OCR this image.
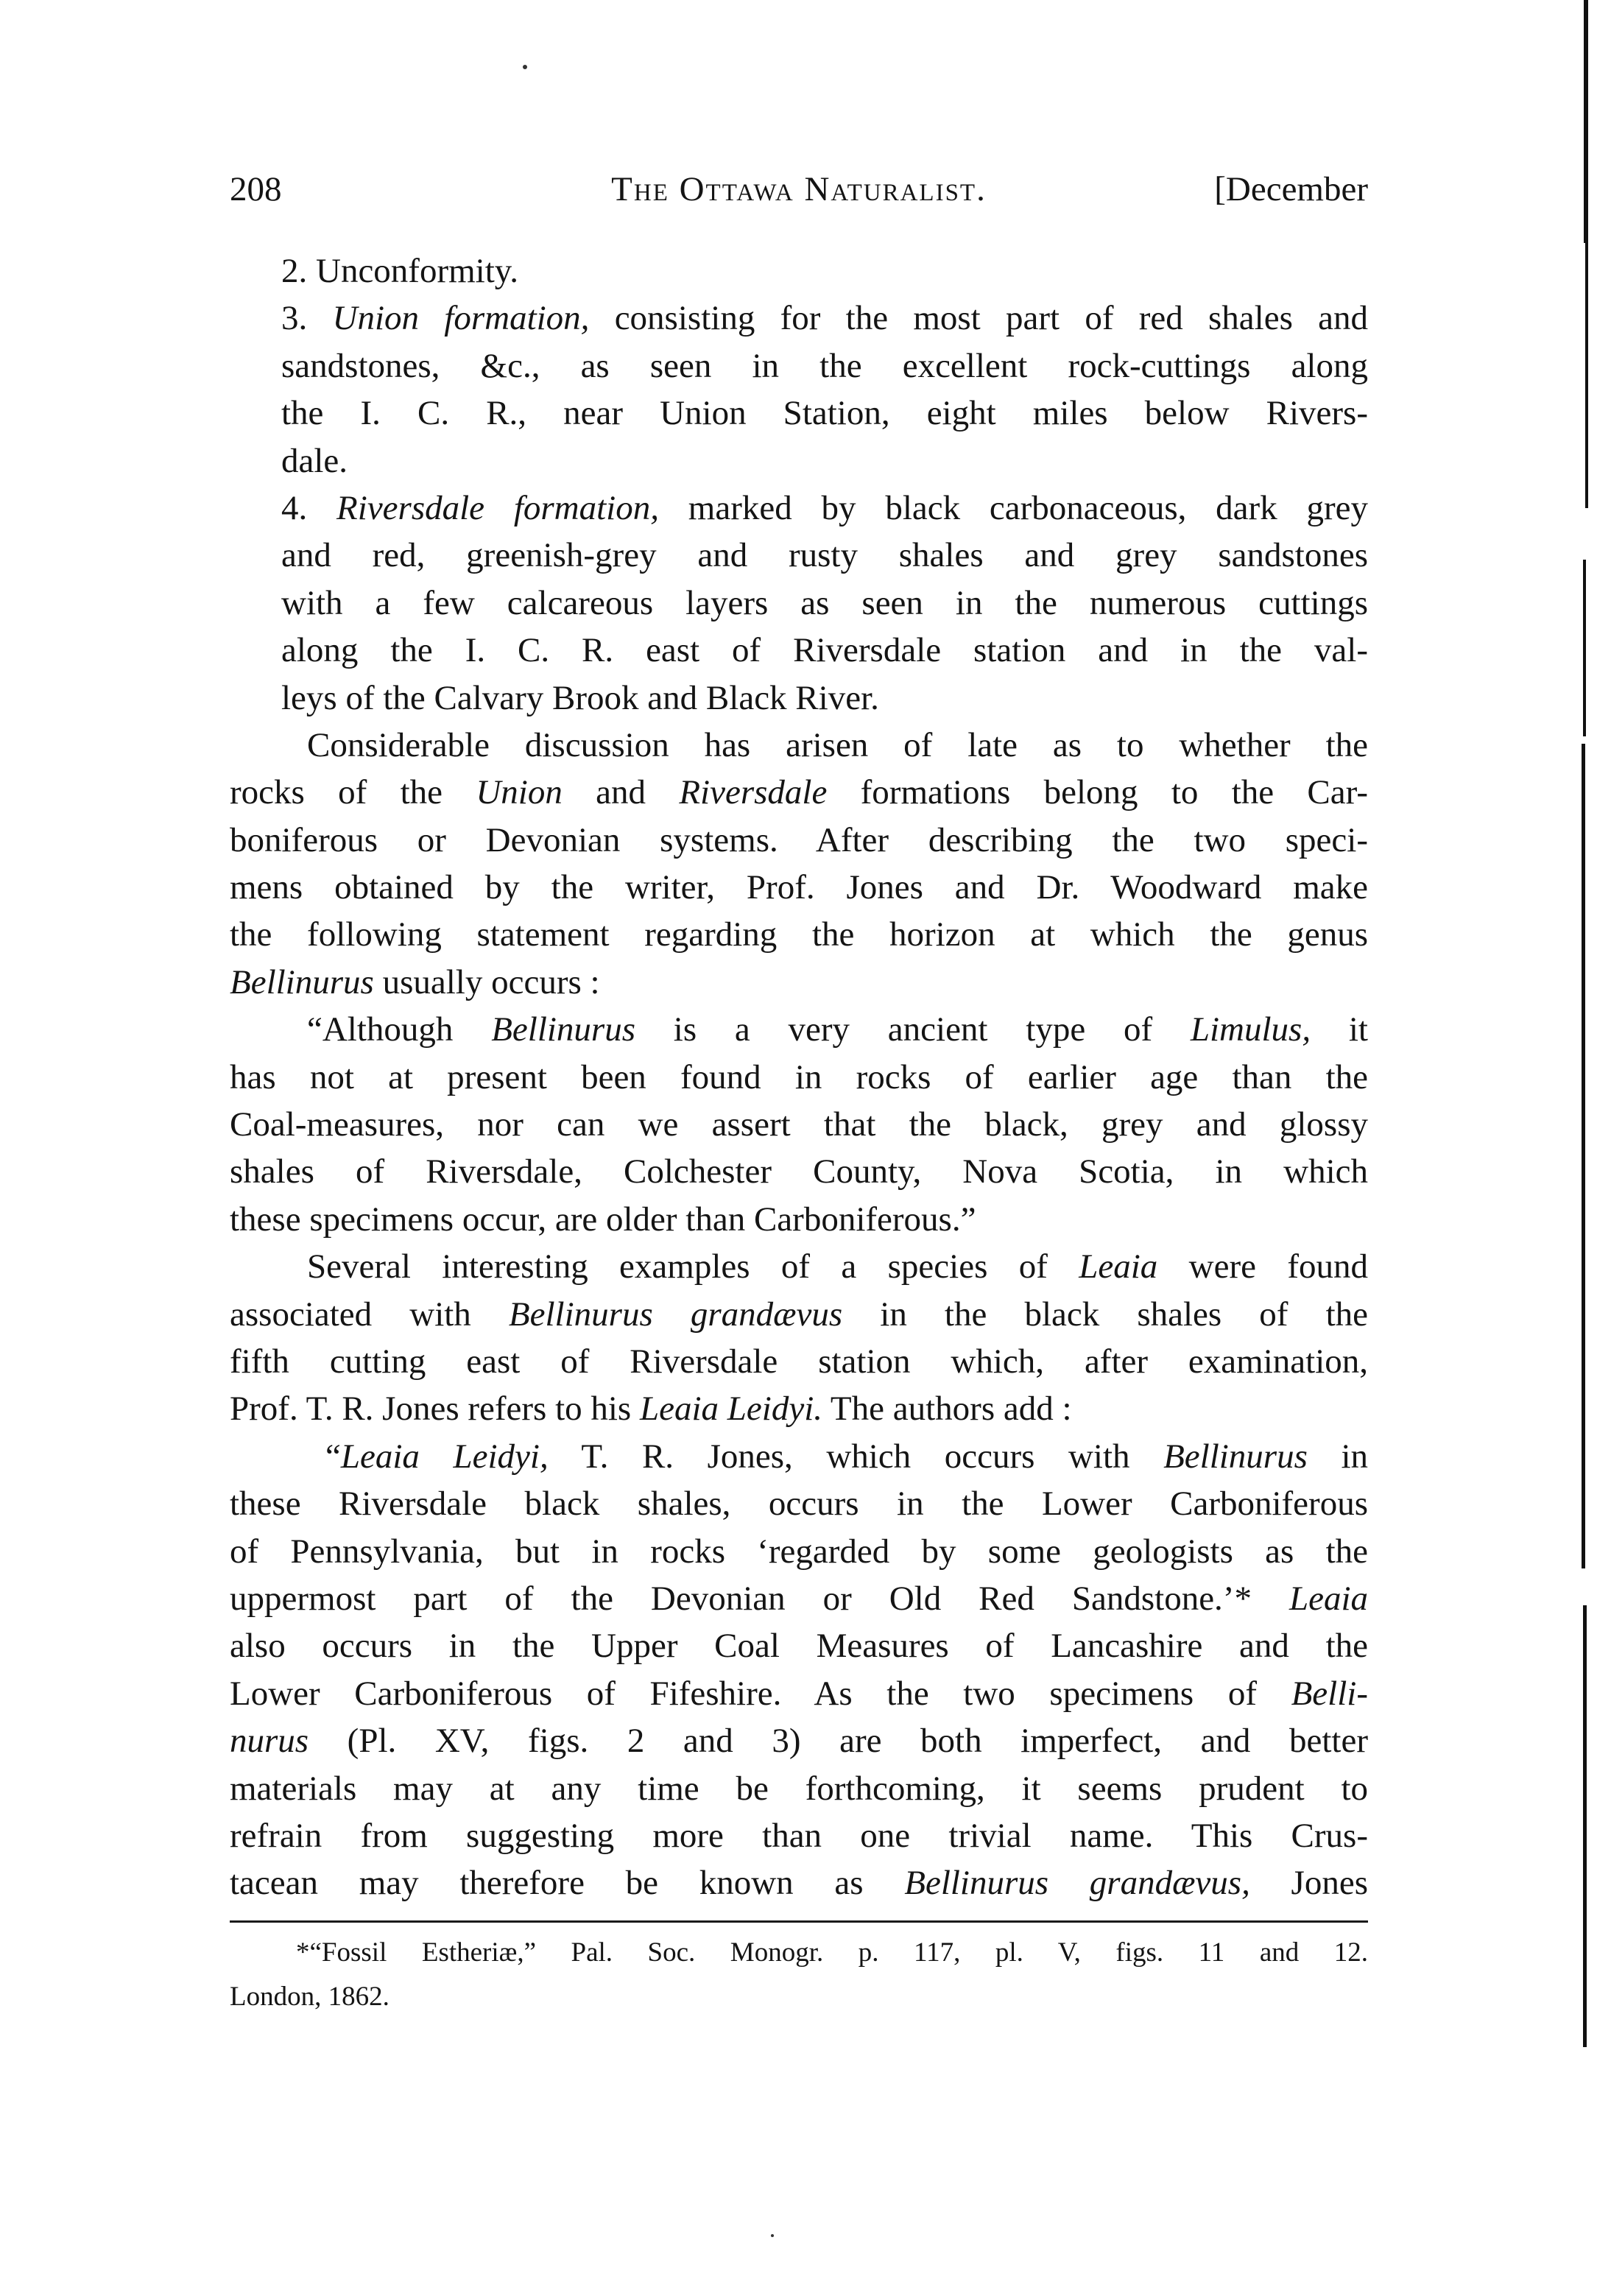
208	The Ottawa Naturalist.	[December
2. Unconformity.
3. Union formation, consisting for the most part of red shales and
sandstones, &c., as seen in the excellent rock-cuttings along
the I. C. R., near Union Station, eight miles below Rivers-
dale.
4. Riversdale formation, marked by black carbonaceous, dark grey
and red, greenish-grey and rusty shales and grey sandstones
with a few calcareous layers as seen in the numerous cuttings
along the I. C. R. east of Riversdale station and in the val-
leys of the Calvary Brook and Black River.
Considerable discussion has arisen of late as to whether the
rocks of the Union and Riversdale formations belong to the Car-
boniferous or Devonian systems. After describing the two speci-
mens obtained by the writer, Prof. Jones and Dr. Woodward make
the following statement regarding the horizon at which the genus
Bellinurus usually occurs :
“Although Bellinurus is a very ancient type of Limulus, it
has not at present been found in rocks of earlier age than the
Coal-measures, nor can we assert that the black, grey and glossy
shales of Riversdale, Colchester County, Nova Scotia, in which
these specimens occur, are older than Carboniferous.”
Several interesting examples of a species of Leaia were found
associated with Bellinurus grandævus in the black shales of the
fifth cutting east of Riversdale station which, after examination,
Prof. T. R. Jones refers to his Leaia Leidyi. The authors add :
“Leaia Leidyi, T. R. Jones, which occurs with Bellinurus in
these Riversdale black shales, occurs in the Lower Carboniferous
of Pennsylvania, but in rocks ‘regarded by some geologists as the
uppermost part of the Devonian or Old Red Sandstone.’* Leaia
also occurs in the Upper Coal Measures of Lancashire and the
Lower Carboniferous of Fifeshire. As the two specimens of Belli-
nurus (Pl. XV, figs. 2 and 3) are both imperfect, and better
materials may at any time be forthcoming, it seems prudent to
refrain from suggesting more than one trivial name. This Crus-
tacean may therefore be known as Bellinurus grandævus, Jones
*“Fossil Estheriæ,” Pal. Soc. Monogr. p. 117, pl. V, figs. 11 and 12.
London, 1862.
